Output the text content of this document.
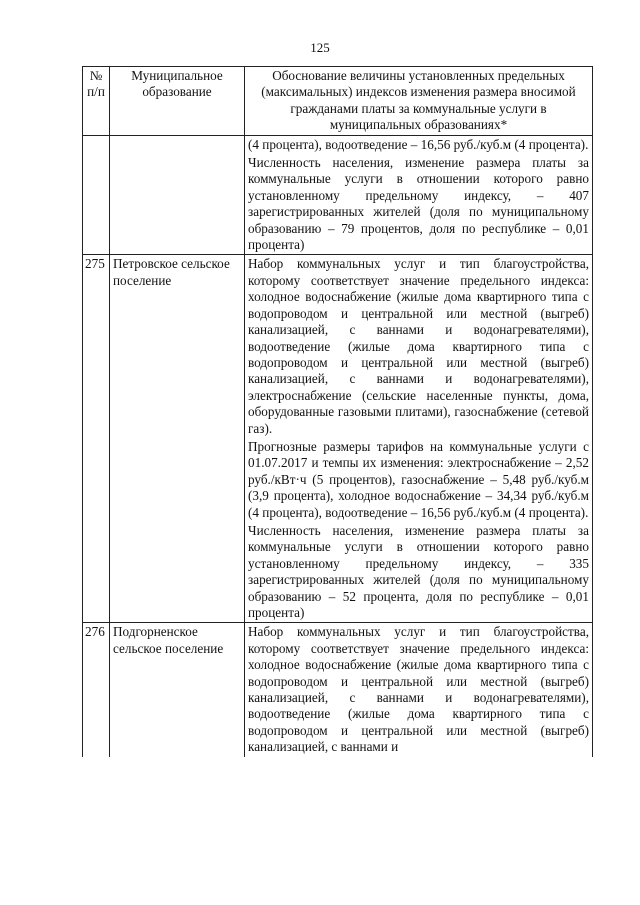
125
№ п/п	Муниципальное образование	Обоснование величины установленных предельных (максимальных) индексов изменения размера вносимой гражданами платы за коммунальные услуги в муниципальных образованиях*

		(4 процента), водоотведение – 16,56 руб./куб.м (4 процента).
Численность населения, изменение размера платы за коммунальные услуги в отношении которого равно установленному предельному индексу, – 407 зарегистрированных жителей (доля по муниципальному образованию – 79 процентов, доля по республике – 0,01 процента)

275	Петровское сельское поселение	Набор коммунальных услуг и тип благоустройства, которому соответствует значение предельного индекса: холодное водоснабжение (жилые дома квартирного типа с водопроводом и центральной или местной (выгреб) канализацией, с ваннами и водонагревателями), водоотведение (жилые дома квартирного типа с водопроводом и центральной или местной (выгреб) канализацией, с ваннами и водонагревателями), электроснабжение (сельские населенные пункты, дома, оборудованные газовыми плитами), газоснабжение (сетевой газ).
Прогнозные размеры тарифов на коммунальные услуги с 01.07.2017 и темпы их изменения: электроснабжение – 2,52 руб./кВт·ч (5 процентов), газоснабжение – 5,48 руб./куб.м (3,9 процента), холодное водоснабжение – 34,34 руб./куб.м (4 процента), водоотведение – 16,56 руб./куб.м (4 процента).
Численность населения, изменение размера платы за коммунальные услуги в отношении которого равно установленному предельному индексу, – 335 зарегистрированных жителей (доля по муниципальному образованию – 52 процента, доля по республике – 0,01 процента)

276	Подгорненское сельское поселение	Набор коммунальных услуг и тип благоустройства, которому соответствует значение предельного индекса: холодное водоснабжение (жилые дома квартирного типа с водопроводом и центральной или местной (выгреб) канализацией, с ваннами и водонагревателями), водоотведение (жилые дома квартирного типа с водопроводом и центральной или местной (выгреб) канализацией, с ваннами и
